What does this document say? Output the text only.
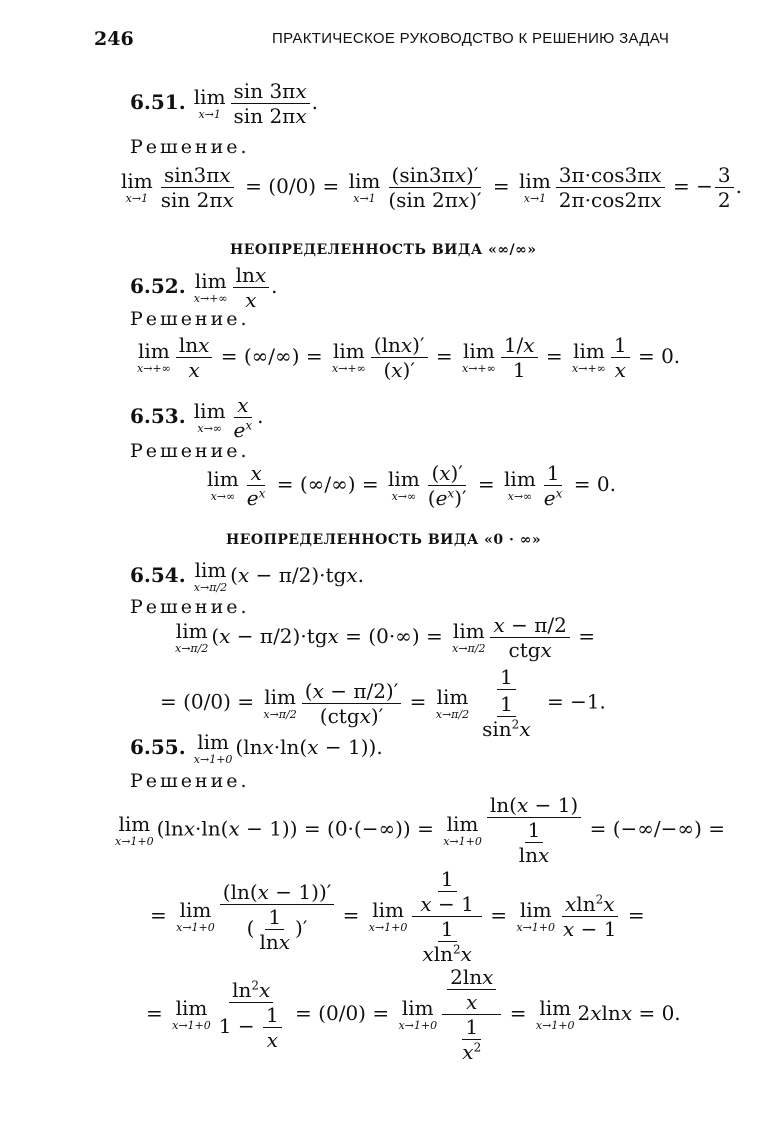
246	ПРАКТИЧЕСКОЕ РУКОВОДСТВО К РЕШЕНИЮ ЗАДАЧ
6.51. lim
$x\to 1 \frac{\sin 3\pi x}{\sin 2\pi x}$ .
Решение.
lim
$x\to 1 \frac{\sin 3\pi x}{\sin 2\pi x} = (0/0) = \lim$
$x\to 1 \frac{(\sin 3\pi x)'}{(\sin 2\pi x)'} = \lim$
$x\to 1 \frac{3\pi\cdot\cos 3\pi x}{2\pi\cdot\cos 2\pi x}$ = − $\frac{3}{2}$ .
НЕОПРЕДЕЛЕННОСТЬ ВИДА «∞/∞»
6.52. lim
$x\to+\infty \frac{\ln x}{x}$ .
Решение.
lim
$x\to+\infty \frac{\ln x}{x}$ = (∞/∞) = lim
$x\to+\infty \frac{(\ln x)'}{(x)'} = \lim$
$x\to+\infty \frac{1/x}{1} = \lim$
$x\to+\infty \frac{1}{x} = 0$.
6.53. lim
$x\to\infty \frac{x}{e^x}$ .
Решение.
lim
$x\to\infty \frac{x}{e^x}$ = (∞/∞) = lim
$x\to\infty \frac{(x)'}{(e^x)'} = \lim$
$x\to\infty \frac{1}{e^x} = 0$.
НЕОПРЕДЕЛЕННОСТЬ ВИДА «0 · ∞»
6.54. lim
x→π/2
(x − π/2)·tgx.
Решение.
lim
x→π/2
(x − π/2)·tgx = (0·∞) = lim
$x\to\pi/2 \frac{x - \pi/2}{\text{ctgx}}$ =
= (0/0) = lim
$x\to\pi/2 \frac{(x - \pi/2)'}{\text{(ctgx)′}} = \lim$
$x\to\pi/2 \frac{1}{\frac{1}{\sin^2x}} = -1$.
6.55. lim
x→1+0
(lnx·ln(x − 1)).
Решение.
lim
x→1+0
(lnx·ln(x − 1)) = (0·(−∞)) = lim
$x\to 1+0 \frac{\ln(x - 1)}{\frac{1}{\ln x}}$ = (−∞/−∞) =
= lim
$x\to 1+0 \frac{(\ln(x - 1))'}{( \frac{1}{\ln x} )'} = \lim$
$x\to 1+0 \frac{\frac{1}{x - 1}}{\frac{1}{xln^2x}} = \lim$
$x\to 1+0 \frac{xln^2x}{x - 1}$ =
= lim
$x\to 1+0 \frac{\ln^2x}{1 - \frac{1}{x}} = (0/0) = \lim$
$x\to 1+0 \frac{\frac{2\ln x}{x}}{\frac{1}{x^2}} = \lim$
x→1+0
2xlnx = 0.
